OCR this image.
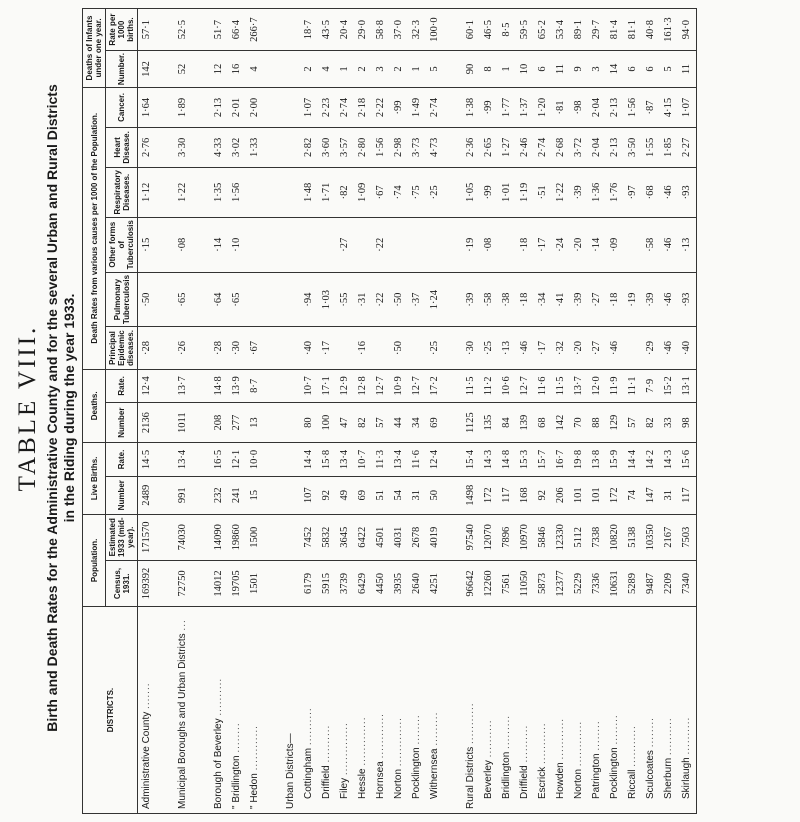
TABLE VIII. Birth and Death Rates for the Administrative County and for the several Urban and Rural Districts in the Riding during the year 1933.
DISTRICTS.	Population.		Live Births.		Deaths.		Death Rates from various causes per 1000 of the Population.						Deaths of Infants under one year.	
	Census, 1931.	Estimated 1933 (mid-year).	Number	Rate.	Number	Rate.	Principal Epidemic diseases.	Pulmonary Tuberculosis	Other forms of Tuberculosis	Respiratory Diseases.	Heart Disease.	Cancer.	Number.	Rate per 1000 births.
Administrative County .......	169392	171570	2489	14·5	2136	12·4	·28	·50	·15	1·12	2·76	1·64	142	57·1

Municipal Boroughs and Urban Districts ...	72750	74030	991	13·4	1011	13·7	·26	·65	·08	1·22	3·30	1·89	52	52·5

Borough of Beverley ..........	14012	14090	232	16·5	208	14·8	·28	·64	·14	1·35	4·33	2·13	12	51·7
" Bridlington ........	19705	19860	241	12·1	277	13·9	·30	·65	·10	1·56	3·02	2·01	16	66·4
" Hedon ............	1501	1500	15	10·0	13	8·7	·67				1·33	2·00	4	266·7

Urban Districts—														
Cottingham ..........	6179	7452	107	14·4	80	10·7	·40	·94		1·48	2·82	1·07	2	18·7
Driffield ..........	5915	5832	92	15·8	100	17·1	·17	1·03		1·71	3·60	2·23	4	43·5
Filey ..............	3739	3645	49	13·4	47	12·9		·55	·27	·82	3·57	2·74	1	20·4
Hessle .............	6429	6422	69	10·7	82	12·8	·16	·31		1·09	2·80	2·18	2	29·0
Hornsea ............	4450	4501	51	11·3	57	12·7		·22	·22	·67	1·56	2·22	3	58·8
Norton .............	3935	4031	54	13·4	44	10·9	·50	·50		·74	2·98	·99	2	37·0
Pocklington ........	2640	2678	31	11·6	34	12·7		·37		·75	3·73	1·49	1	32·3
Withernsea .........	4251	4019	50	12·4	69	17·2	·25	1·24		·25	4·73	2·74	5	100·0

Rural Districts ...........	96642	97540	1498	15·4	1125	11·5	·30	·39	·19	1·05	2·36	1·38	90	60·1
Beverley ..........	12260	12070	172	14·3	135	11·2	·25	·58	·08	·99	2·65	·99	8	46·5
Bridlington .........	7561	7896	117	14·8	84	10·6	·13	·38		1·01	1·27	1·77	1	8·5
Driffield ..........	11050	10970	168	15·3	139	12·7	·46	·18	·18	1·19	2·46	1·37	10	59·5
Escrick ...........	5873	5846	92	15·7	68	11·6	·17	·34	·17	·51	2·74	1·20	6	65·2
Howden ...........	12377	12330	206	16·7	142	11·5	·32	·41	·24	1·22	2·68	·81	11	53·4
Norton ............	5229	5112	101	19·8	70	13·7	·20	·39	·20	·39	3·72	·98	9	89·1
Patrington ........	7336	7338	101	13·8	88	12·0	·27	·27	·14	1·36	2·04	2·04	3	29·7
Pocklington ........	10631	10820	172	15·9	129	11·9	·46	·18	·09	1·76	2·13	2·13	14	81·4
Riccall ...........	5289	5138	74	14·4	57	11·1		·19		·97	3·50	1·56	6	81·1
Sculcoates ........	9487	10350	147	14·2	82	7·9	·29	·39	·58	·68	1·55	·87	6	40·8
Sherburn ..........	2209	2167	31	14·3	33	15·2	·46	·46	·46	·46	1·85	4·15	5	161·3
Skirlaugh ..........	7340	7503	117	15·6	98	13·1	·40	·93	·13	·93	2·27	1·07	11	94·0
